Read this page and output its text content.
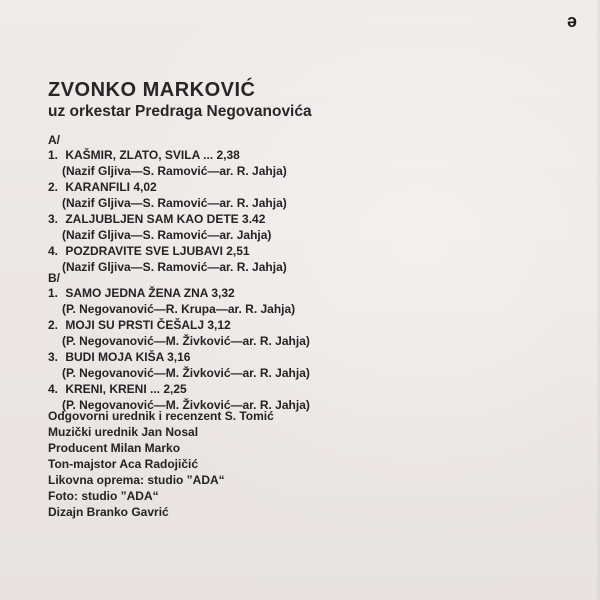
e
ZVONKO MARKOVIĆ
uz orkestar Predraga Negovanovića
A/
1. KAŠMIR, ZLATO, SVILA ... 2,38
(Nazif Gljiva—S. Ramović—ar. R. Jahja)
2. KARANFILI 4,02
(Nazif Gljiva—S. Ramović—ar. R. Jahja)
3. ZALJUBLJEN SAM KAO DETE 3.42
(Nazif Gljiva—S. Ramović—ar. Jahja)
4. POZDRAVITE SVE LJUBAVI 2,51
(Nazif Gljiva—S. Ramović—ar. R. Jahja)
B/
1. SAMO JEDNA ŽENA ZNA 3,32
(P. Negovanović—R. Krupa—ar. R. Jahja)
2. MOJI SU PRSTI ČEŠALJ 3,12
(P. Negovanović—M. Živković—ar. R. Jahja)
3. BUDI MOJA KIŠA 3,16
(P. Negovanović—M. Živković—ar. R. Jahja)
4. KRENI, KRENI ... 2,25
(P. Negovanović—M. Živković—ar. R. Jahja)
Odgovorni urednik i recenzent S. Tomić
Muzički urednik Jan Nosal
Producent Milan Marko
Ton-majstor Aca Radojičić
Likovna oprema: studio ”ADA“
Foto: studio ”ADA“
Dizajn Branko Gavrić
